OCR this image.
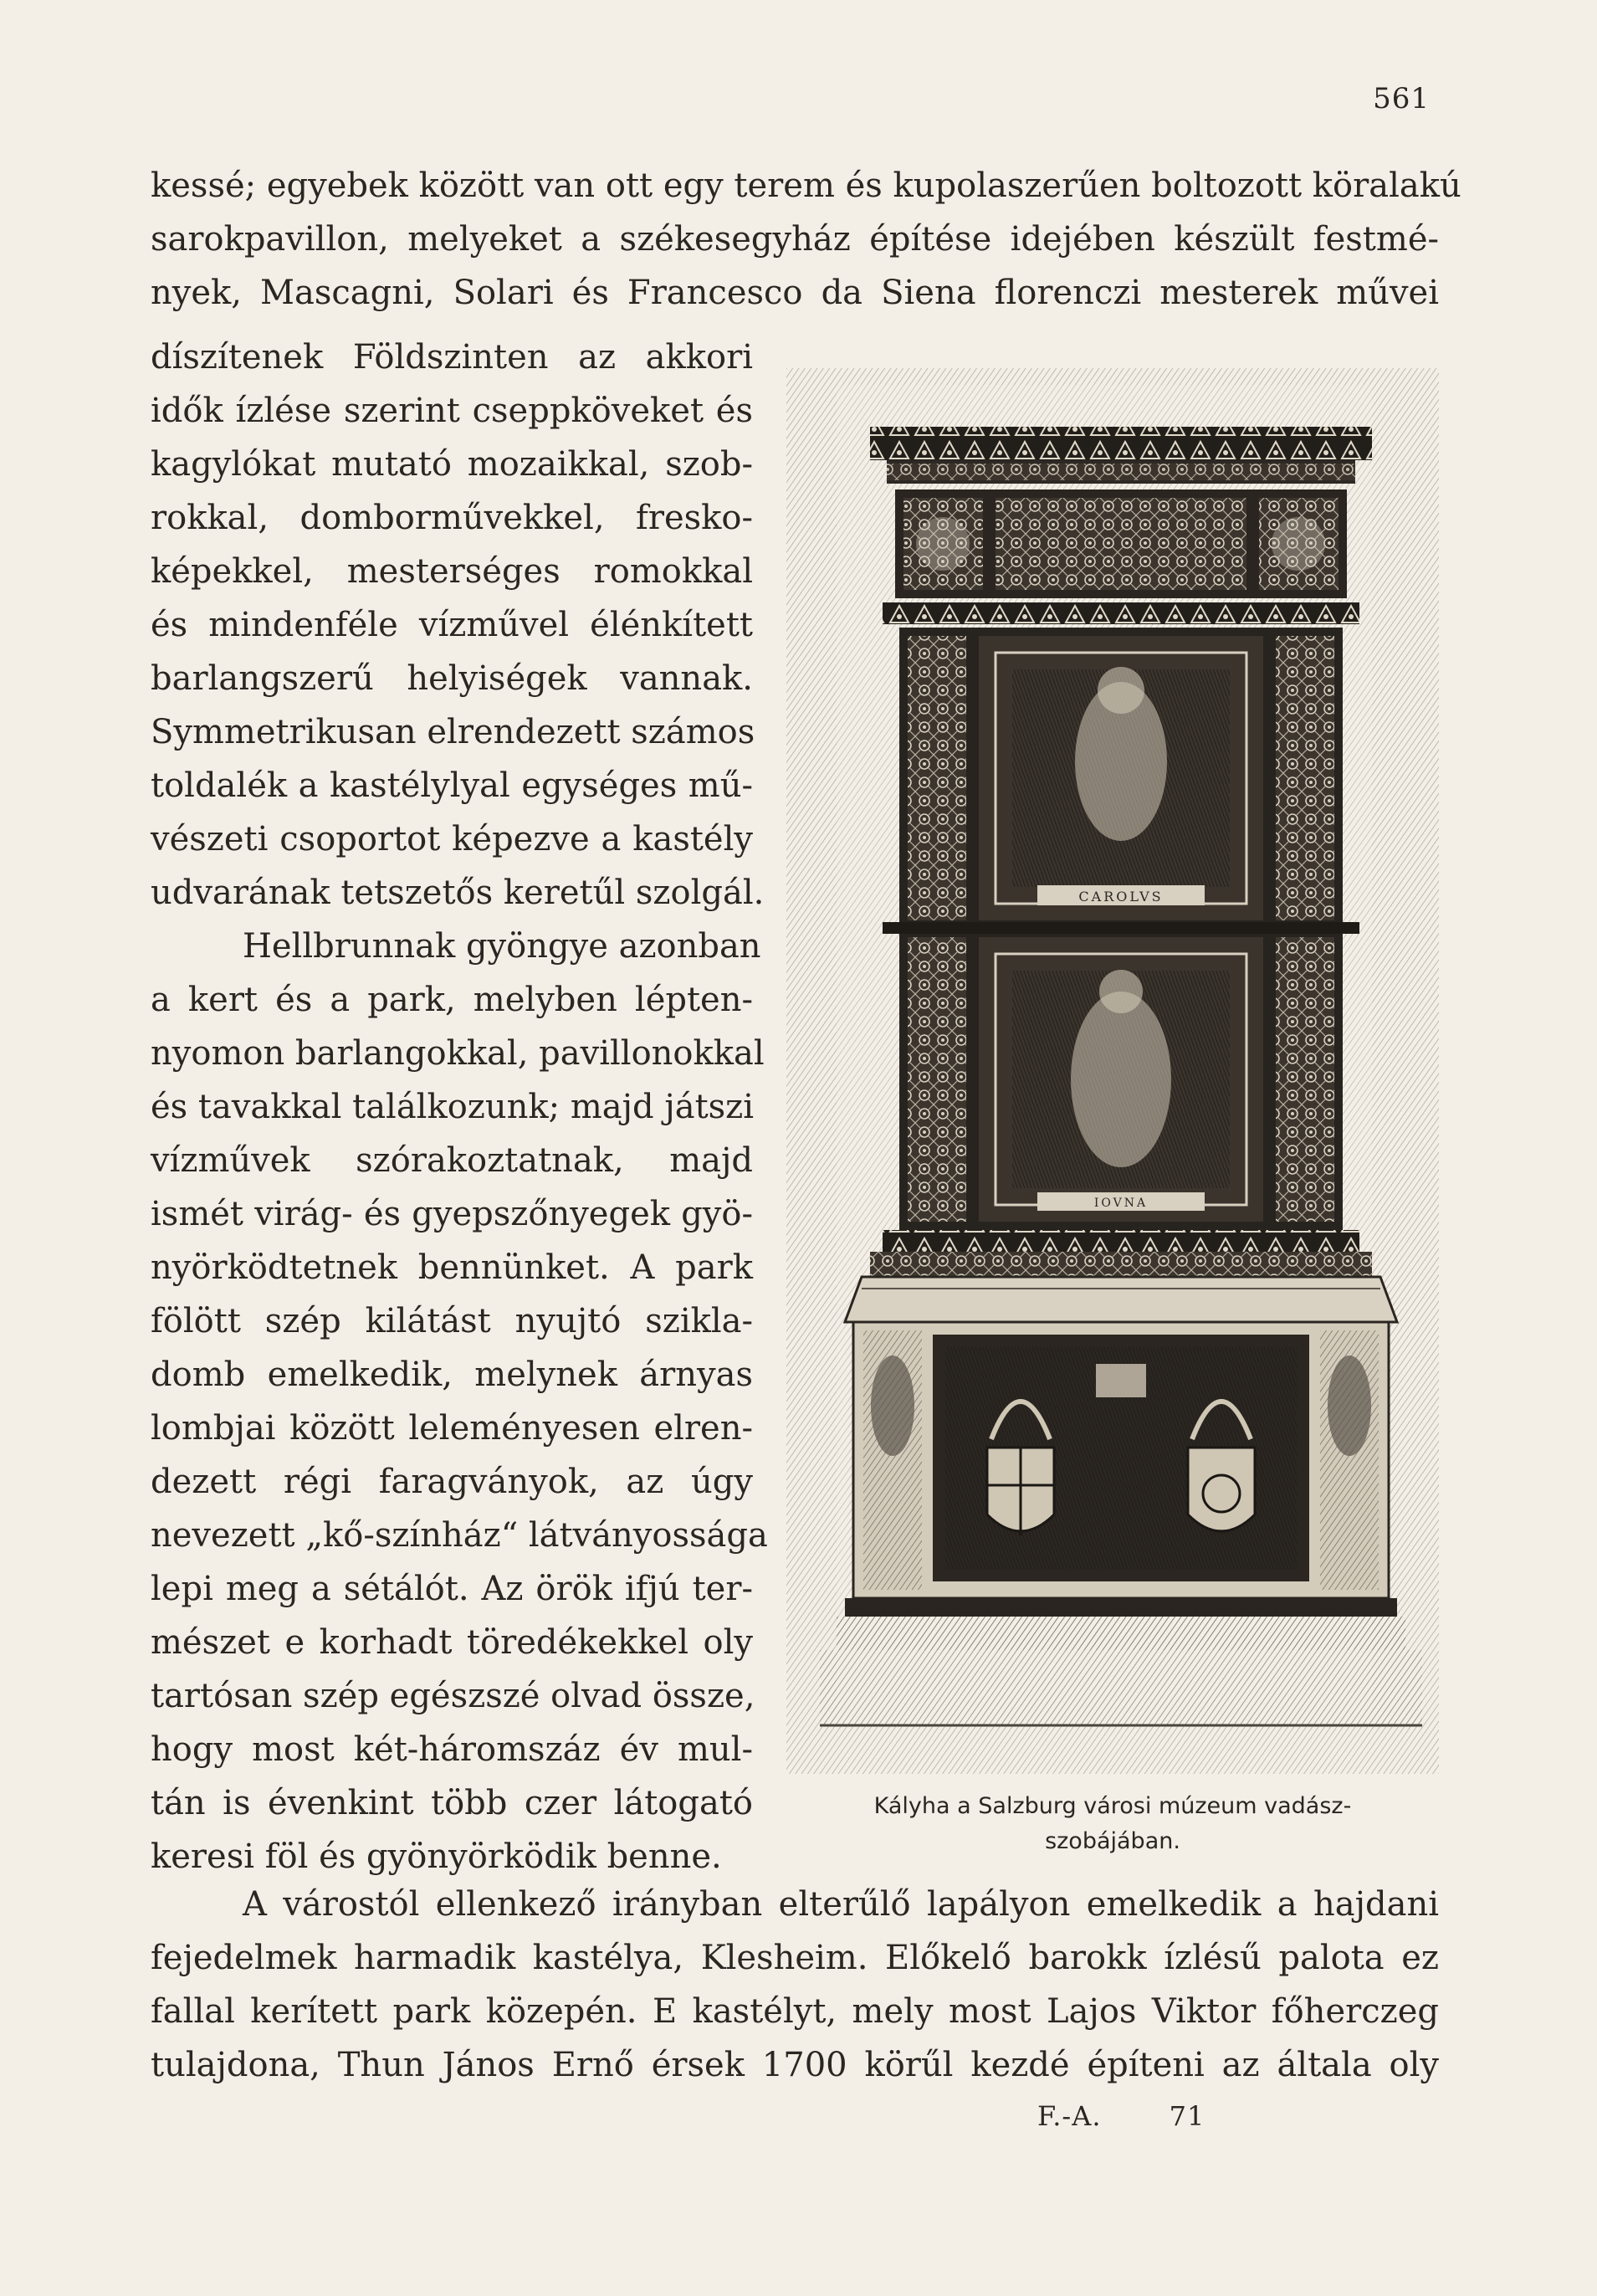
561
kessé; egyebek között van ott egy terem és kupolaszerűen boltozott köralakú
sarokpavillon, melyeket a székesegyház építése idejében készült festmé-
nyek, Mascagni, Solari és Francesco da Siena florenczi mesterek művei
díszítenek Földszinten az akkori
idők ízlése szerint cseppköveket és
kagylókat mutató mozaikkal, szob-
rokkal, domborművekkel, fresko-
képekkel, mesterséges romokkal
és mindenféle vízművel élénkített
barlangszerű helyiségek vannak.
Symmetrikusan elrendezett számos
toldalék a kastélylyal egységes mű-
vészeti csoportot képezve a kastély
udvarának tetszetős keretűl szolgál.
Hellbrunnak gyöngye azonban
a kert és a park, melyben lépten-
nyomon barlangokkal, pavillonokkal
és tavakkal találkozunk; majd játszi
vízművek szórakoztatnak, majd
ismét virág- és gyepszőnyegek gyö-
nyörködtetnek bennünket. A park
fölött szép kilátást nyujtó szikla-
domb emelkedik, melynek árnyas
lombjai között leleményesen elren-
dezett régi faragványok, az úgy
nevezett „kő-színház“ látványossága
lepi meg a sétálót. Az örök ifjú ter-
mészet e korhadt töredékekkel oly
tartósan szép egészszé olvad össze,
hogy most két-háromszáz év mul-
tán is évenkint több czer látogató
keresi föl és gyönyörködik benne.
CAROLVS
IOVNA
Kályha a Salzburg városi múzeum vadász-
szobájában.
A várostól ellenkező irányban elterűlő lapályon emelkedik a hajdani
fejedelmek harmadik kastélya, Klesheim. Előkelő barokk ízlésű palota ez
fallal kerített park közepén. E kastélyt, mely most Lajos Viktor főherczeg
tulajdona, Thun János Ernő érsek 1700 körűl kezdé építeni az általa oly
F.-A.	71
